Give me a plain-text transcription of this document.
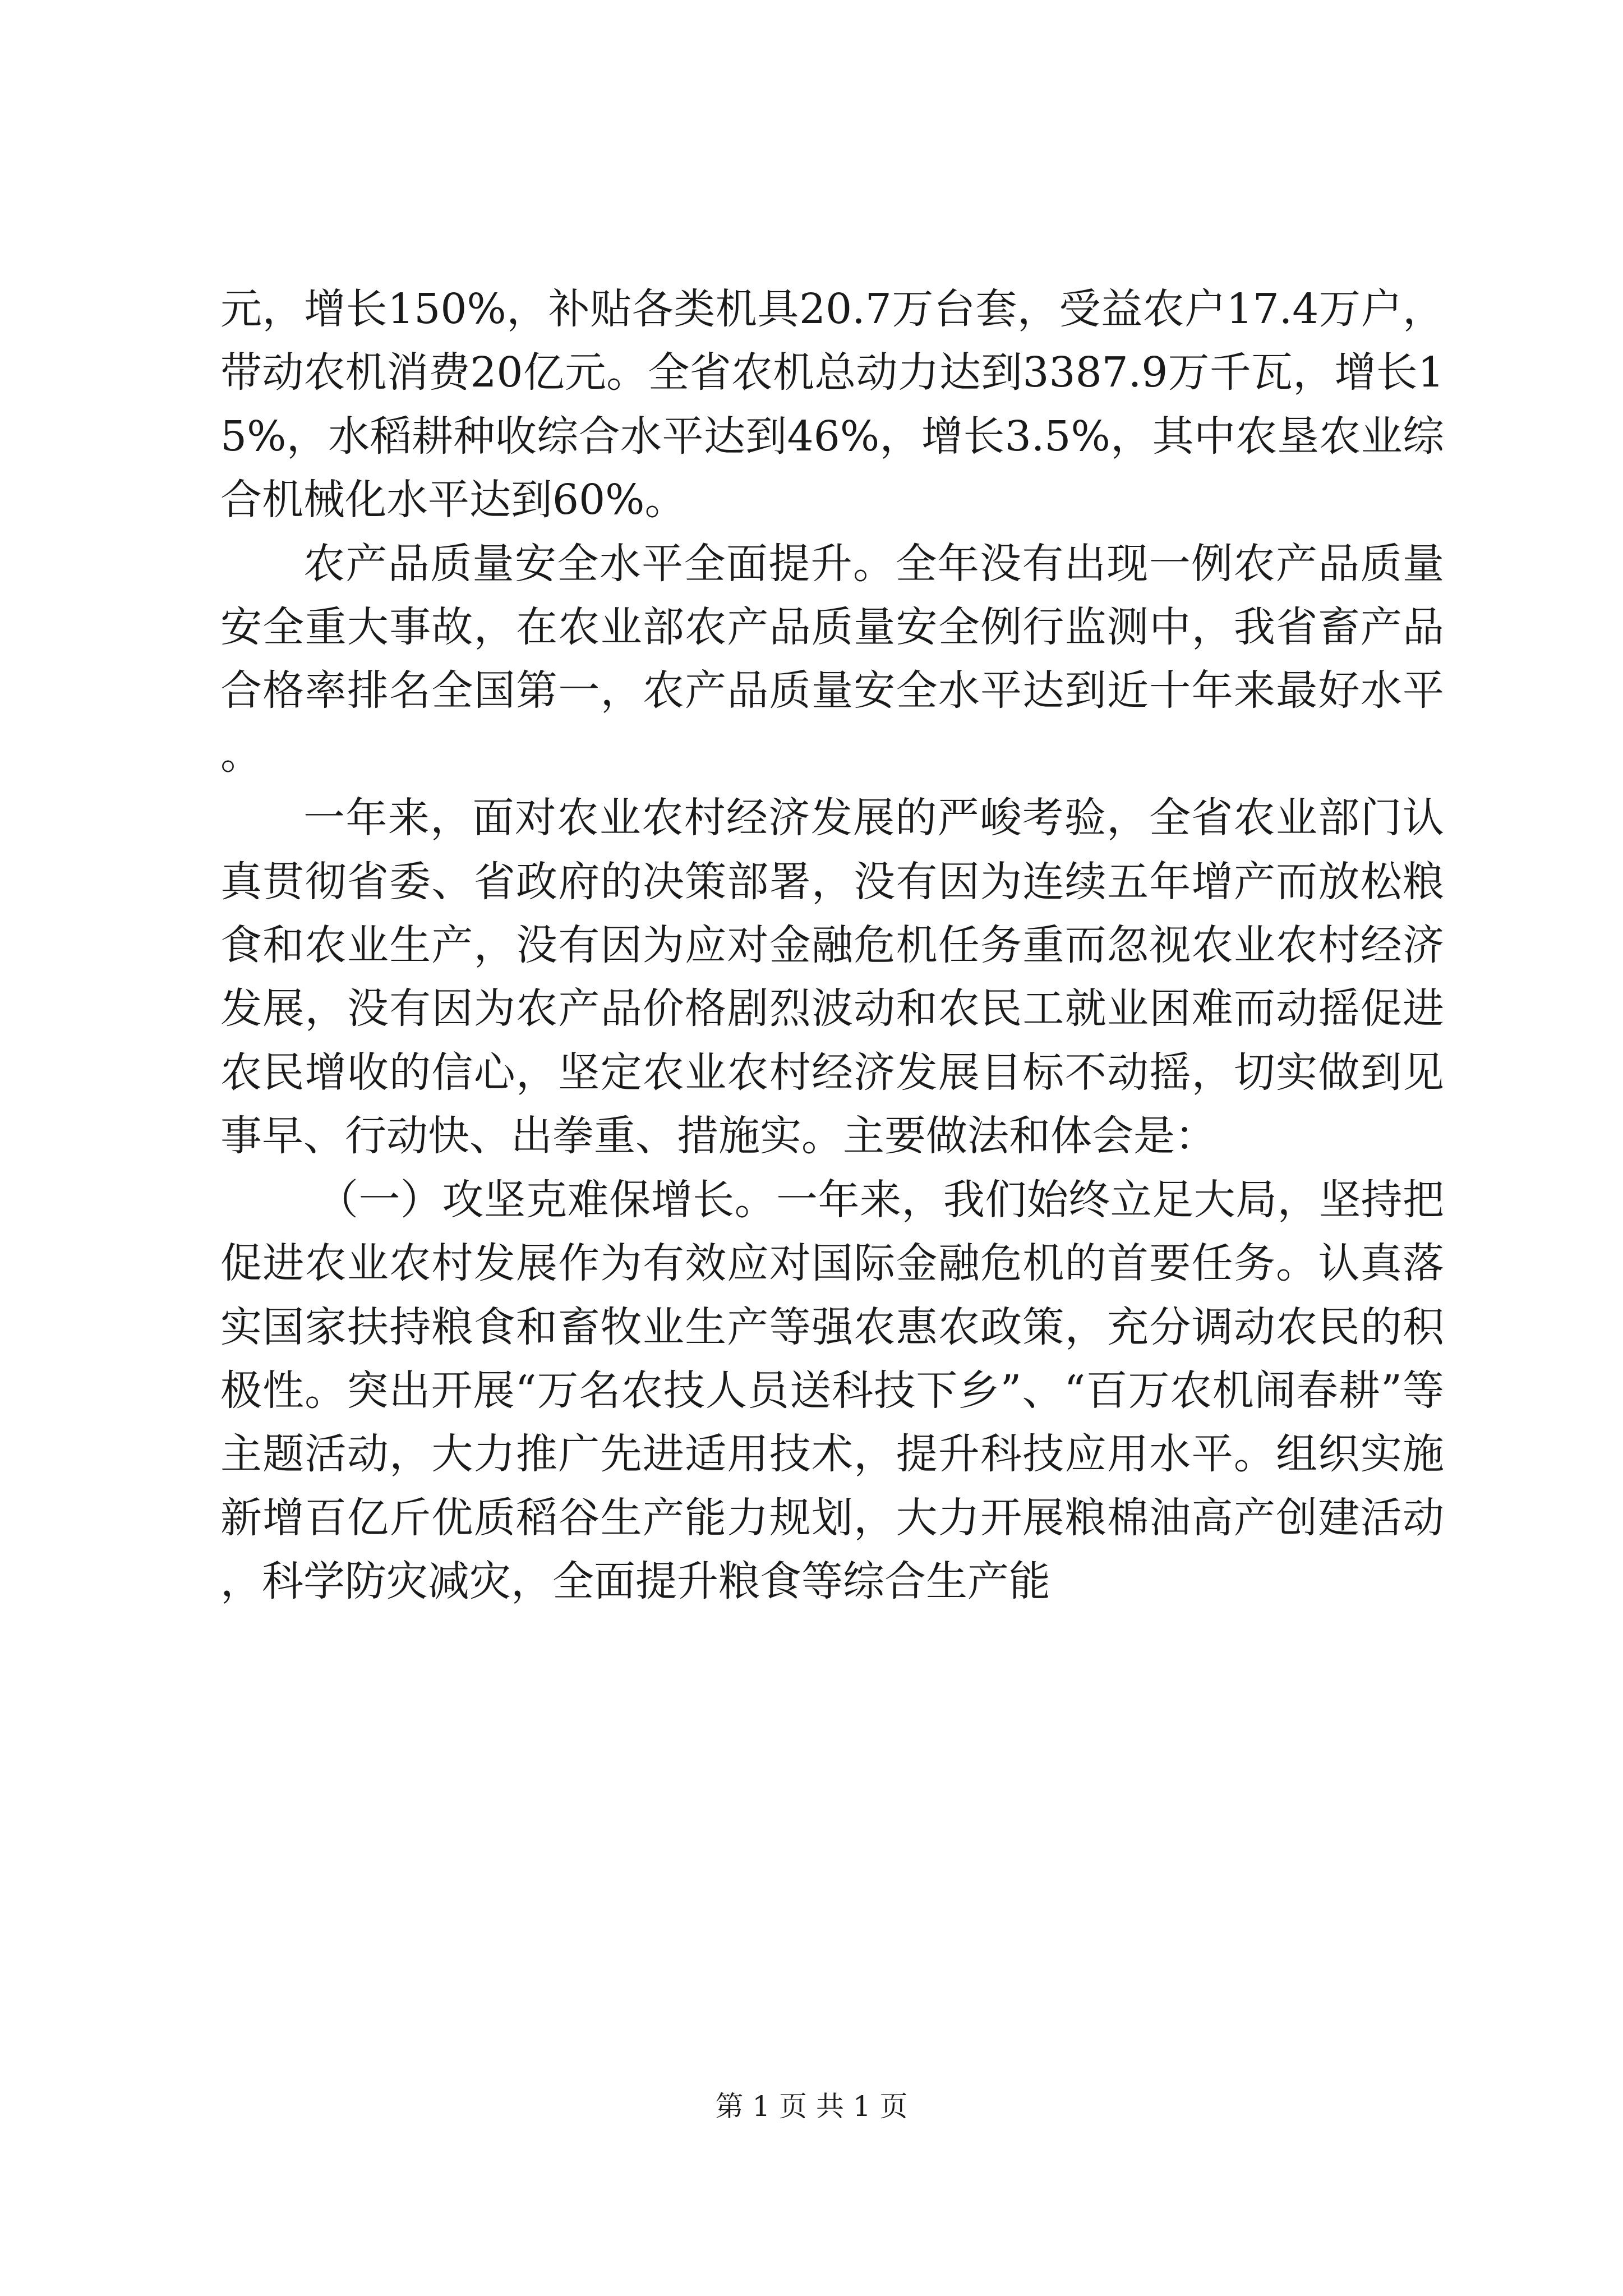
元，增长150%，补贴各类机具20.7万台套，受益农户17.4万户，带动农机消费20亿元。全省农机总动力达到3387.9万千瓦，增长15%，水稻耕种收综合水平达到46%，增长3.5%，其中农垦农业综合机械化水平达到60%。

农产品质量安全水平全面提升。全年没有出现一例农产品质量安全重大事故，在农业部农产品质量安全例行监测中，我省畜产品合格率排名全国第一，农产品质量安全水平达到近十年来最好水平。

一年来，面对农业农村经济发展的严峻考验，全省农业部门认真贯彻省委、省政府的决策部署，没有因为连续五年增产而放松粮食和农业生产，没有因为应对金融危机任务重而忽视农业农村经济发展，没有因为农产品价格剧烈波动和农民工就业困难而动摇促进农民增收的信心，坚定农业农村经济发展目标不动摇，切实做到见事早、行动快、出拳重、措施实。主要做法和体会是：

（一）攻坚克难保增长。一年来，我们始终立足大局，坚持把促进农业农村发展作为有效应对国际金融危机的首要任务。认真落实国家扶持粮食和畜牧业生产等强农惠农政策，充分调动农民的积极性。突出开展“万名农技人员送科技下乡”、“百万农机闹春耕”等主题活动，大力推广先进适用技术，提升科技应用水平。组织实施新增百亿斤优质稻谷生产能力规划，大力开展粮棉油高产创建活动，科学防灾减灾，全面提升粮食等综合生产能

第 1 页 共 1 页
